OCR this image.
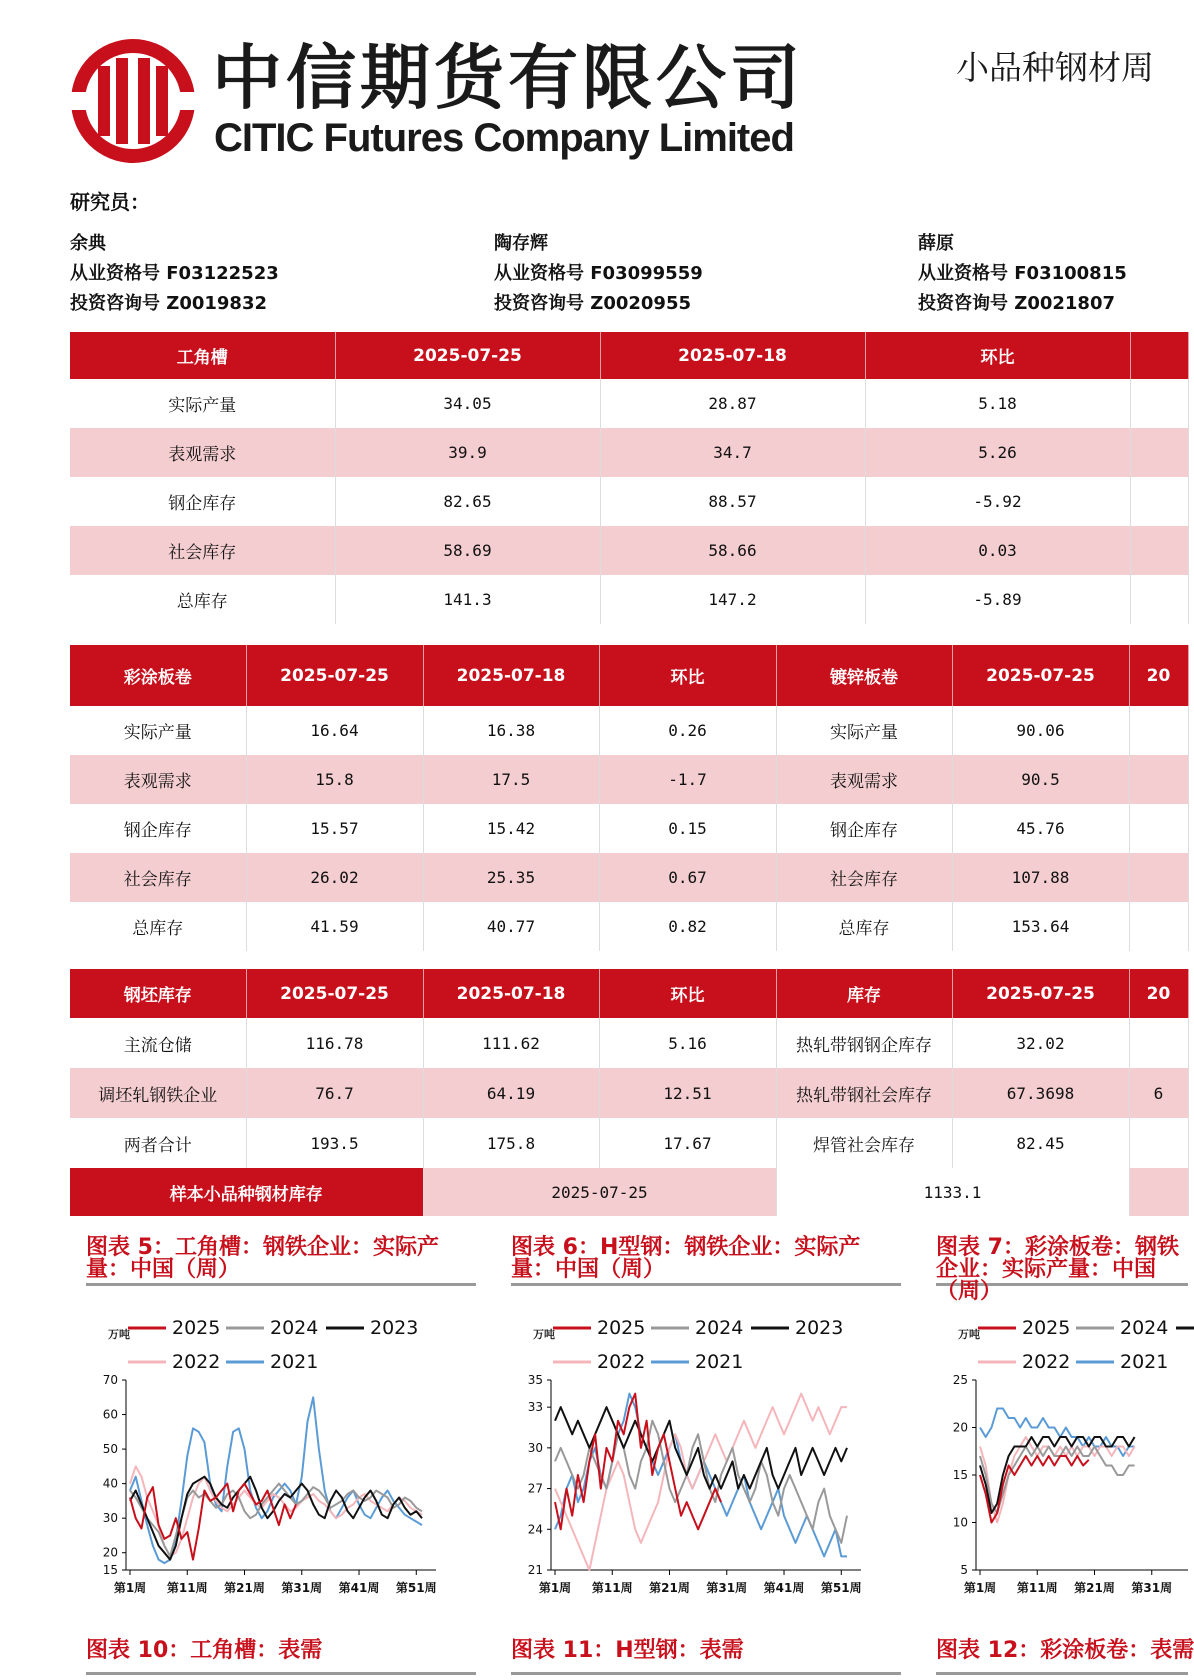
中信期货有限公司
CITIC Futures Company Limited
小品种钢材周
研究员：
余典
从业资格号 F03122523
投资咨询号 Z0019832
陶存辉
从业资格号 F03099559
投资咨询号 Z0020955
薛原
从业资格号 F03100815
投资咨询号 Z0021807
工角槽	2025-07-25	2025-07-18	环比	
实际产量	34.05	28.87	5.18	
表观需求	39.9	34.7	5.26	
钢企库存	82.65	88.57	-5.92	
社会库存	58.69	58.66	0.03	
总库存	141.3	147.2	-5.89	
彩涂板卷	2025-07-25	2025-07-18	环比	镀锌板卷	2025-07-25	20
实际产量	16.64	16.38	0.26	实际产量	90.06	
表观需求	15.8	17.5	-1.7	表观需求	90.5	
钢企库存	15.57	15.42	0.15	钢企库存	45.76	
社会库存	26.02	25.35	0.67	社会库存	107.88	
总库存	41.59	40.77	0.82	总库存	153.64	
钢坯库存	2025-07-25	2025-07-18	环比	库存	2025-07-25	20
主流仓储	116.78	111.62	5.16	热轧带钢钢企库存	32.02	
调坯轧钢铁企业	76.7	64.19	12.51	热轧带钢社会库存	67.3698	6
两者合计	193.5	175.8	17.67	焊管社会库存	82.45	
样本小品种钢材库存		2025-07-25		1133.1		
图表 5：工角槽：钢铁企业：实际产量：中国（周）
图表 6：H型钢：钢铁企业：实际产量：中国（周）
图表 7：彩涂板卷：钢铁企业：实际产量：中国（周）
万吨 2025	2024	2023
2022	2021
15
20
30
40
50
60
70
第1周 第11周 第21周 第31周 第41周 第51周
万吨 2025	2024	2023
2022	2021
21
24
27
30
33
35
第1周 第11周 第21周 第31周 第41周 第51周
万吨 2025	2024
2022	2021
5
10
15
20
25
第1周 第11周 第21周 第31周
图表 10：工角槽：表需	图表 11：H型钢：表需	图表 12：彩涂板卷：表需
